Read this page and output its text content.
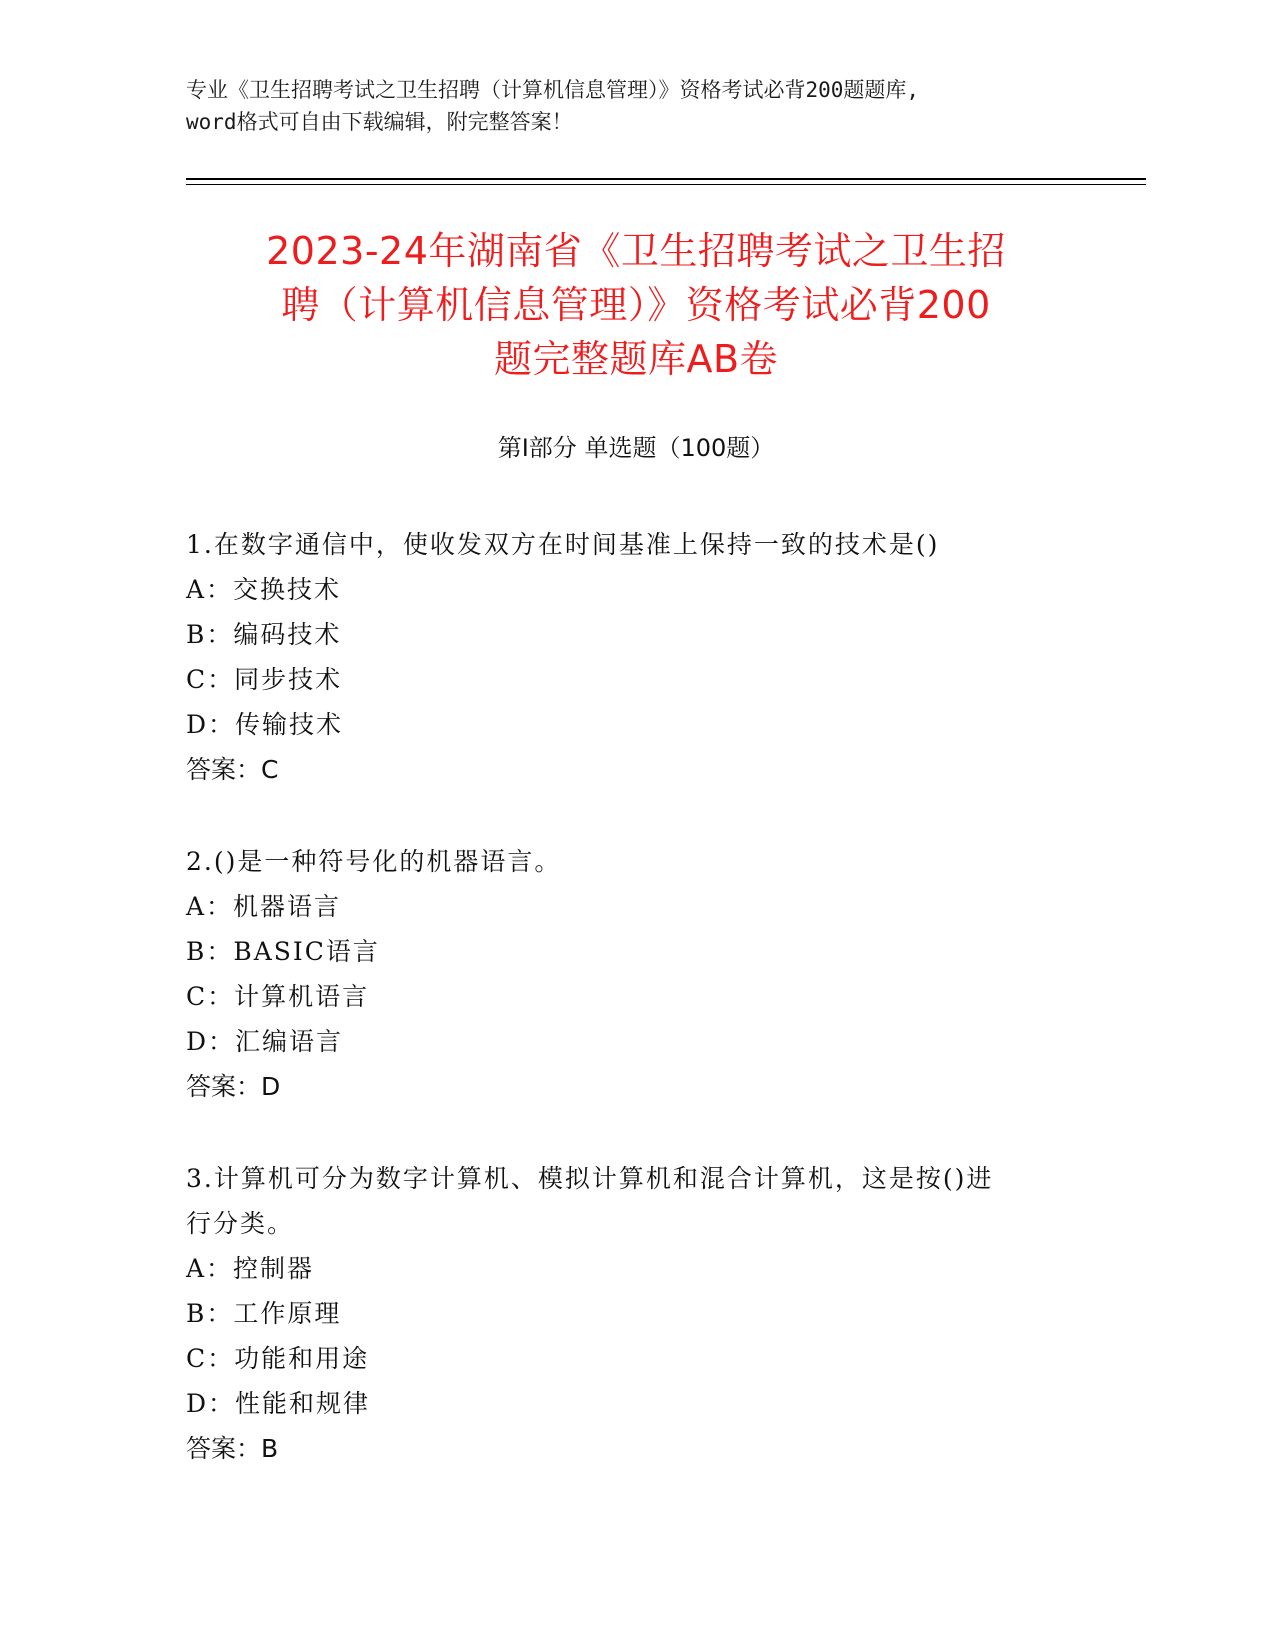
专业《卫生招聘考试之卫生招聘（计算机信息管理）》资格考试必背200题题库,
word格式可自由下载编辑，附完整答案！
2023-24年湖南省《卫生招聘考试之卫生招
聘（计算机信息管理）》资格考试必背200
题完整题库AB卷
第Ⅰ部分 单选题（100题）
1.在数字通信中，使收发双方在时间基准上保持一致的技术是()
A：交换技术
B：编码技术
C：同步技术
D：传输技术
答案：C
2.()是一种符号化的机器语言。
A：机器语言
B：BASIC语言
C：计算机语言
D：汇编语言
答案：D
3.计算机可分为数字计算机、模拟计算机和混合计算机，这是按()进
行分类。
A：控制器
B：工作原理
C：功能和用途
D：性能和规律
答案：B
